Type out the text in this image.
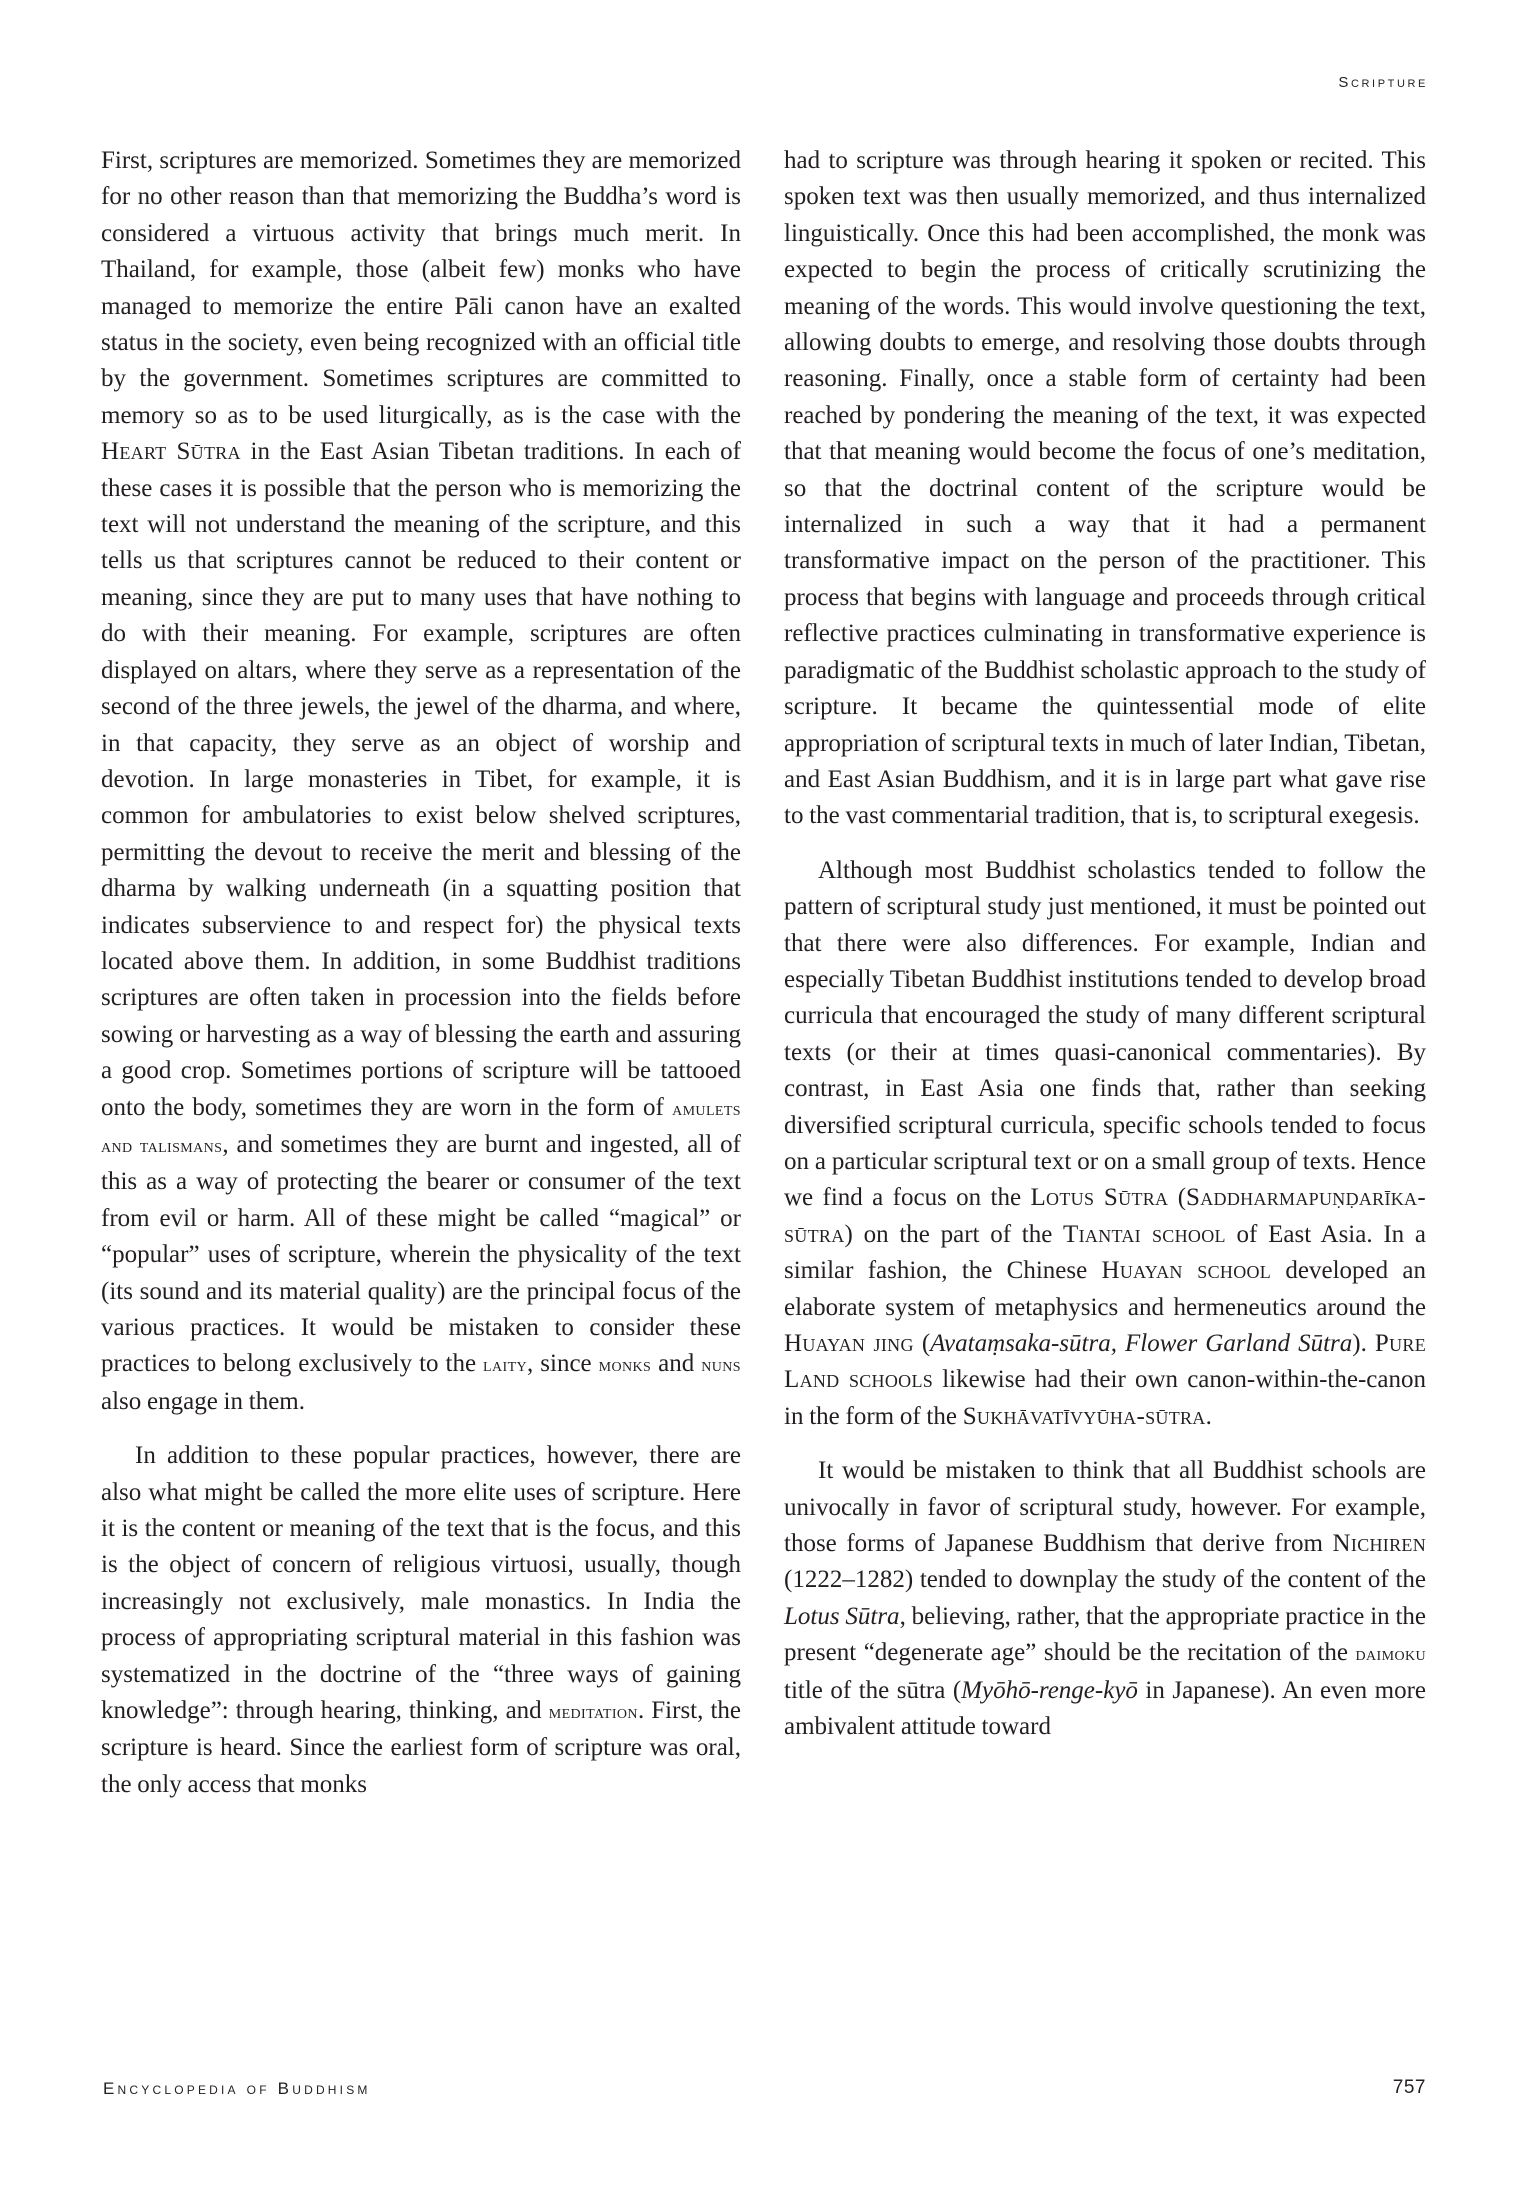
Scripture

First, scriptures are memorized. Sometimes they are memorized for no other reason than that memorizing the Buddha’s word is considered a virtuous activity that brings much merit. In Thailand, for example, those (albeit few) monks who have managed to memorize the entire Pāli canon have an exalted status in the society, even being recognized with an official title by the government. Sometimes scriptures are committed to memory so as to be used liturgically, as is the case with the Heart Sūtra in the East Asian Tibetan traditions. In each of these cases it is possible that the person who is memorizing the text will not understand the meaning of the scripture, and this tells us that scriptures cannot be reduced to their content or meaning, since they are put to many uses that have nothing to do with their meaning. For example, scriptures are often displayed on altars, where they serve as a representation of the second of the three jewels, the jewel of the dharma, and where, in that capacity, they serve as an object of worship and devotion. In large monasteries in Tibet, for example, it is common for ambulatories to exist below shelved scriptures, permitting the devout to receive the merit and blessing of the dharma by walking underneath (in a squatting position that indicates subservience to and respect for) the physical texts located above them. In addition, in some Buddhist traditions scriptures are often taken in procession into the fields before sowing or harvesting as a way of blessing the earth and assuring a good crop. Sometimes portions of scripture will be tattooed onto the body, sometimes they are worn in the form of amulets and talismans, and sometimes they are burnt and ingested, all of this as a way of protecting the bearer or consumer of the text from evil or harm. All of these might be called “magical” or “popular” uses of scripture, wherein the physicality of the text (its sound and its material quality) are the principal focus of the various practices. It would be mistaken to consider these practices to belong exclusively to the laity, since monks and nuns also engage in them.

In addition to these popular practices, however, there are also what might be called the more elite uses of scripture. Here it is the content or meaning of the text that is the focus, and this is the object of concern of religious virtuosi, usually, though increasingly not exclusively, male monastics. In India the process of appropriating scriptural material in this fashion was systematized in the doctrine of the “three ways of gaining knowledge”: through hearing, thinking, and meditation. First, the scripture is heard. Since the earliest form of scripture was oral, the only access that monks

had to scripture was through hearing it spoken or recited. This spoken text was then usually memorized, and thus internalized linguistically. Once this had been accomplished, the monk was expected to begin the process of critically scrutinizing the meaning of the words. This would involve questioning the text, allowing doubts to emerge, and resolving those doubts through reasoning. Finally, once a stable form of certainty had been reached by pondering the meaning of the text, it was expected that that meaning would become the focus of one’s meditation, so that the doctrinal content of the scripture would be internalized in such a way that it had a permanent transformative impact on the person of the practitioner. This process that begins with language and proceeds through critical reflective practices culminating in transformative experience is paradigmatic of the Buddhist scholastic approach to the study of scripture. It became the quintessential mode of elite appropriation of scriptural texts in much of later Indian, Tibetan, and East Asian Buddhism, and it is in large part what gave rise to the vast commentarial tradition, that is, to scriptural exegesis.

Although most Buddhist scholastics tended to follow the pattern of scriptural study just mentioned, it must be pointed out that there were also differences. For example, Indian and especially Tibetan Buddhist institutions tended to develop broad curricula that encouraged the study of many different scriptural texts (or their at times quasi-canonical commentaries). By contrast, in East Asia one finds that, rather than seeking diversified scriptural curricula, specific schools tended to focus on a particular scriptural text or on a small group of texts. Hence we find a focus on the Lotus Sūtra (Saddharmapuṇḍarīka-sūtra) on the part of the Tiantai school of East Asia. In a similar fashion, the Chinese Huayan school developed an elaborate system of metaphysics and hermeneutics around the Huayan jing (Avataṃsaka-sūtra, Flower Garland Sūtra). Pure Land schools likewise had their own canon-within-the-canon in the form of the Sukhāvatīvyūha-sūtra.

It would be mistaken to think that all Buddhist schools are univocally in favor of scriptural study, however. For example, those forms of Japanese Buddhism that derive from Nichiren (1222–1282) tended to downplay the study of the content of the Lotus Sūtra, believing, rather, that the appropriate practice in the present “degenerate age” should be the recitation of the daimoku title of the sūtra (Myōhō-renge-kyō in Japanese). An even more ambivalent attitude toward

Encyclopedia of Buddhism	757
